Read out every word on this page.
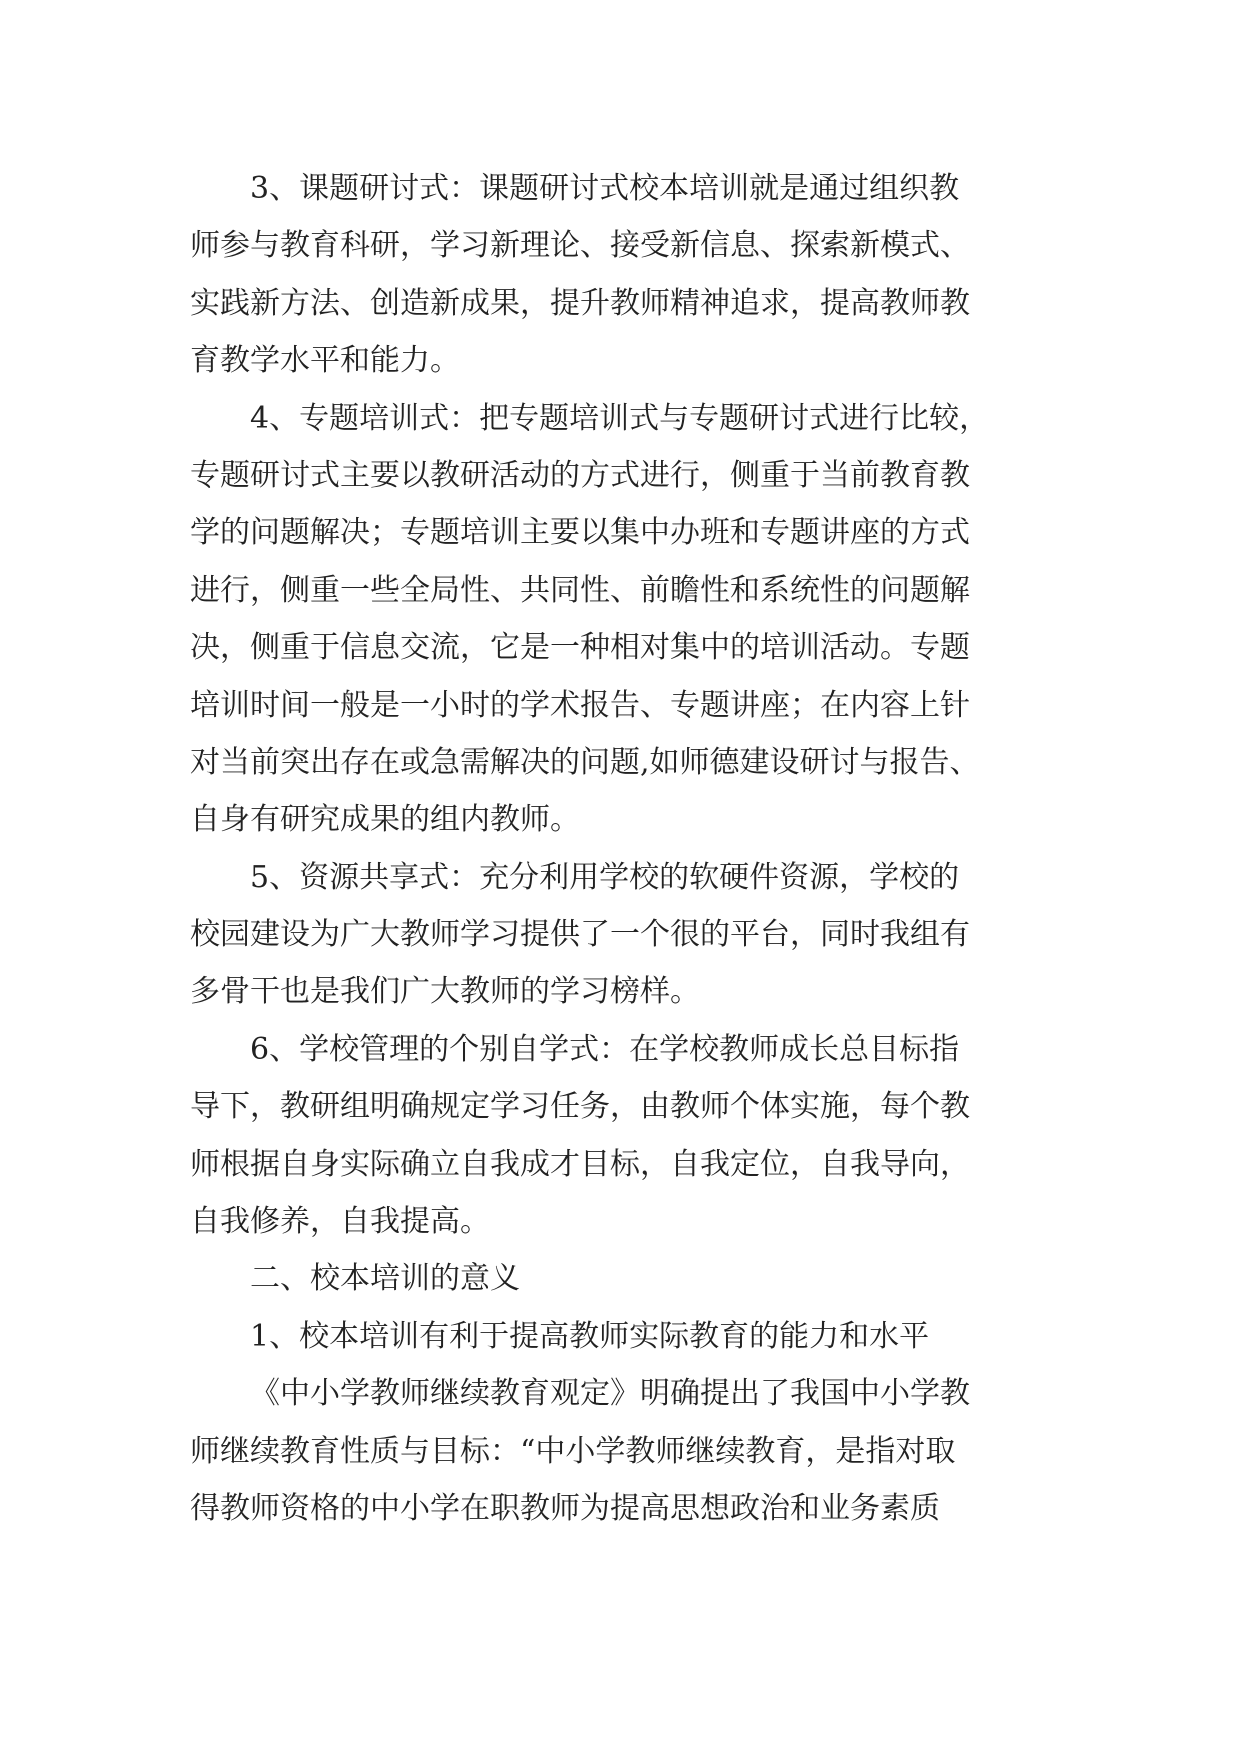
3、课题研讨式：课题研讨式校本培训就是通过组织教
师参与教育科研，学习新理论、接受新信息、探索新模式、
实践新方法、创造新成果，提升教师精神追求，提高教师教
育教学水平和能力。
4、专题培训式：把专题培训式与专题研讨式进行比较，
专题研讨式主要以教研活动的方式进行，侧重于当前教育教
学的问题解决；专题培训主要以集中办班和专题讲座的方式
进行，侧重一些全局性、共同性、前瞻性和系统性的问题解
决，侧重于信息交流，它是一种相对集中的培训活动。专题
培训时间一般是一小时的学术报告、专题讲座；在内容上针
对当前突出存在或急需解决的问题,如师德建设研讨与报告、
自身有研究成果的组内教师。
5、资源共享式：充分利用学校的软硬件资源，学校的
校园建设为广大教师学习提供了一个很的平台，同时我组有
多骨干也是我们广大教师的学习榜样。
6、学校管理的个别自学式：在学校教师成长总目标指
导下，教研组明确规定学习任务，由教师个体实施，每个教
师根据自身实际确立自我成才目标，自我定位，自我导向，
自我修养，自我提高。
二、校本培训的意义
1、校本培训有利于提高教师实际教育的能力和水平
《中小学教师继续教育观定》明确提出了我国中小学教
师继续教育性质与目标：“中小学教师继续教育，是指对取
得教师资格的中小学在职教师为提高思想政治和业务素质
